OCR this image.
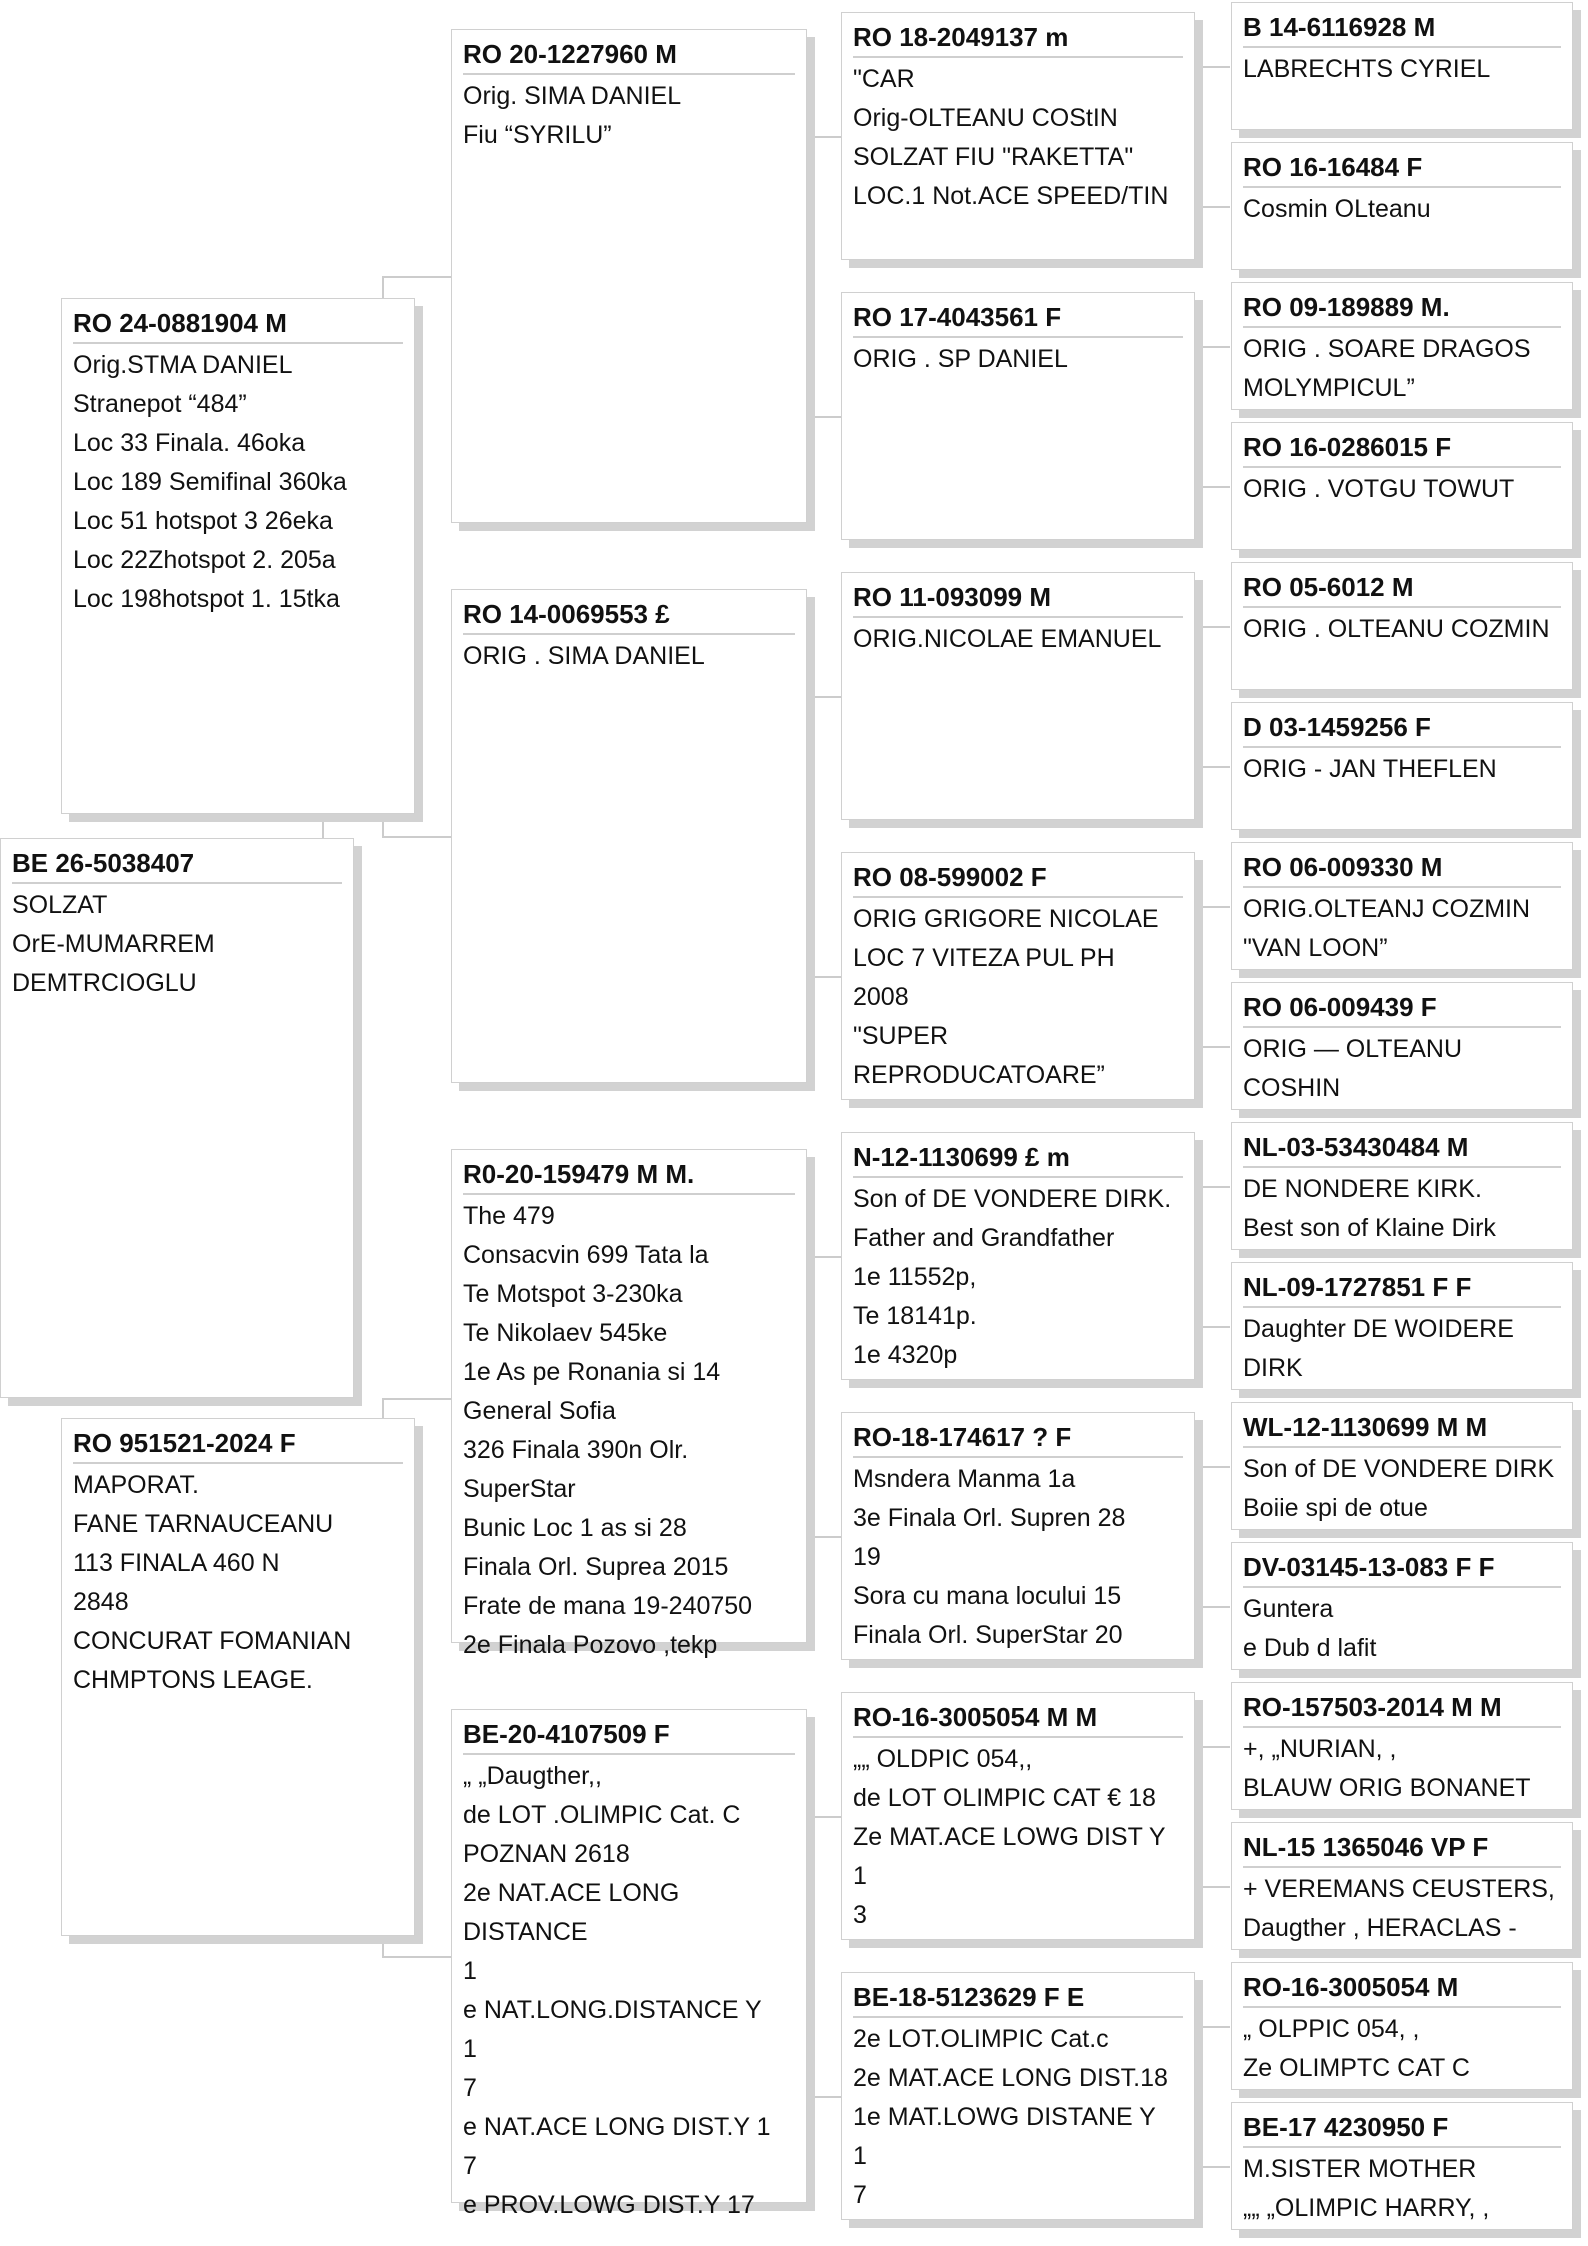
BE 26-5038407
SOLZAT
OrE-MUMARREM
DEMTRCIOGLU
RO 24-0881904 M
Orig.STMA DANIEL
Stranepot “484”
Loc 33 Finala. 46oka
Loc 189 Semifinal 360ka
Loc 51 hotspot 3 26eka
Loc 22Zhotspot 2. 205a
Loc 198hotspot 1. 15tka
RO 951521-2024 F
MAPORAT.
FANE TARNAUCEANU
113 FINALA 460 N
2848
CONCURAT FOMANIAN
CHMPTONS LEAGE.
RO 20-1227960 M
Orig. SIMA DANIEL
Fiu “SYRILU”
RO 14-0069553 £
ORIG . SIMA DANIEL
R0-20-159479 M M.
The 479
Consacvin 699 Tata la
Te Motspot 3-230ka
Te Nikolaev 545ke
1e As pe Ronania si 14
General Sofia
326 Finala 390n Olr.
SuperStar
Bunic Loc 1 as si 28
Finala Orl. Suprea 2015
Frate de mana 19-240750
2e Finala Pozovo ,tekp
BE-20-4107509 F
„ „Daugther,,
de LOT .OLIMPIC Cat. C
POZNAN 2618
2e NAT.ACE LONG
DISTANCE
1
e NAT.LONG.DISTANCE Y
1
7
e NAT.ACE LONG DIST.Y 1
7
e PROV.LOWG DIST.Y 17
RO 18-2049137 m
"CAR
Orig-OLTEANU COStIN
SOLZAT FIU "RAKETTA"
LOC.1 Not.ACE SPEED/TIN
RO 17-4043561 F
ORIG . SP DANIEL
RO 11-093099 M
ORIG.NICOLAE EMANUEL
RO 08-599002 F
ORIG GRIGORE NICOLAE
LOC 7 VITEZA PUL PH
2008
"SUPER
REPRODUCATOARE”
N-12-1130699 £ m
Son of DE VONDERE DIRK.
Father and Grandfather
1e 11552p,
Te 18141p.
1e 4320p
RO-18-174617 ? F
Msndera Manma 1a
3e Finala Orl. Supren 28
19
Sora cu mana locului 15
Finala Orl. SuperStar 20
RO-16-3005054 M M
„„ OLDPIC 054,,
de LOT OLIMPIC CAT € 18
Ze MAT.ACE LOWG DIST Y
1
3
BE-18-5123629 F E
2e LOT.OLIMPIC Cat.c
2e MAT.ACE LONG DIST.18
1e MAT.LOWG DISTANE Y
1
7
B 14-6116928 M
LABRECHTS CYRIEL
RO 16-16484 F
Cosmin OLteanu
RO 09-189889 M.
ORIG . SOARE DRAGOS
MOLYMPICUL”
RO 16-0286015 F
ORIG . VOTGU TOWUT
RO 05-6012 M
ORIG . OLTEANU COZMIN
D 03-1459256 F
ORIG - JAN THEFLEN
RO 06-009330 M
ORIG.OLTEANJ COZMIN
"VAN LOON”
RO 06-009439 F
ORIG — OLTEANU
COSHIN
NL-03-53430484 M
DE NONDERE KIRK.
Best son of Klaine Dirk
NL-09-1727851 F F
Daughter DE WOIDERE
DIRK
WL-12-1130699 M M
Son of DE VONDERE DIRK
Boiie spi de otue
DV-03145-13-083 F F
Guntera
e Dub d lafit
RO-157503-2014 M M
+, „NURIAN, ,
BLAUW ORIG BONANET
NL-15 1365046 VP F
+ VEREMANS CEUSTERS,
Daugther , HERACLAS -
RO-16-3005054 M
„ OLPPIC 054, ,
Ze OLIMPTC CAT C
BE-17 4230950 F
M.SISTER MOTHER
„„ „OLIMPIC HARRY, ,
